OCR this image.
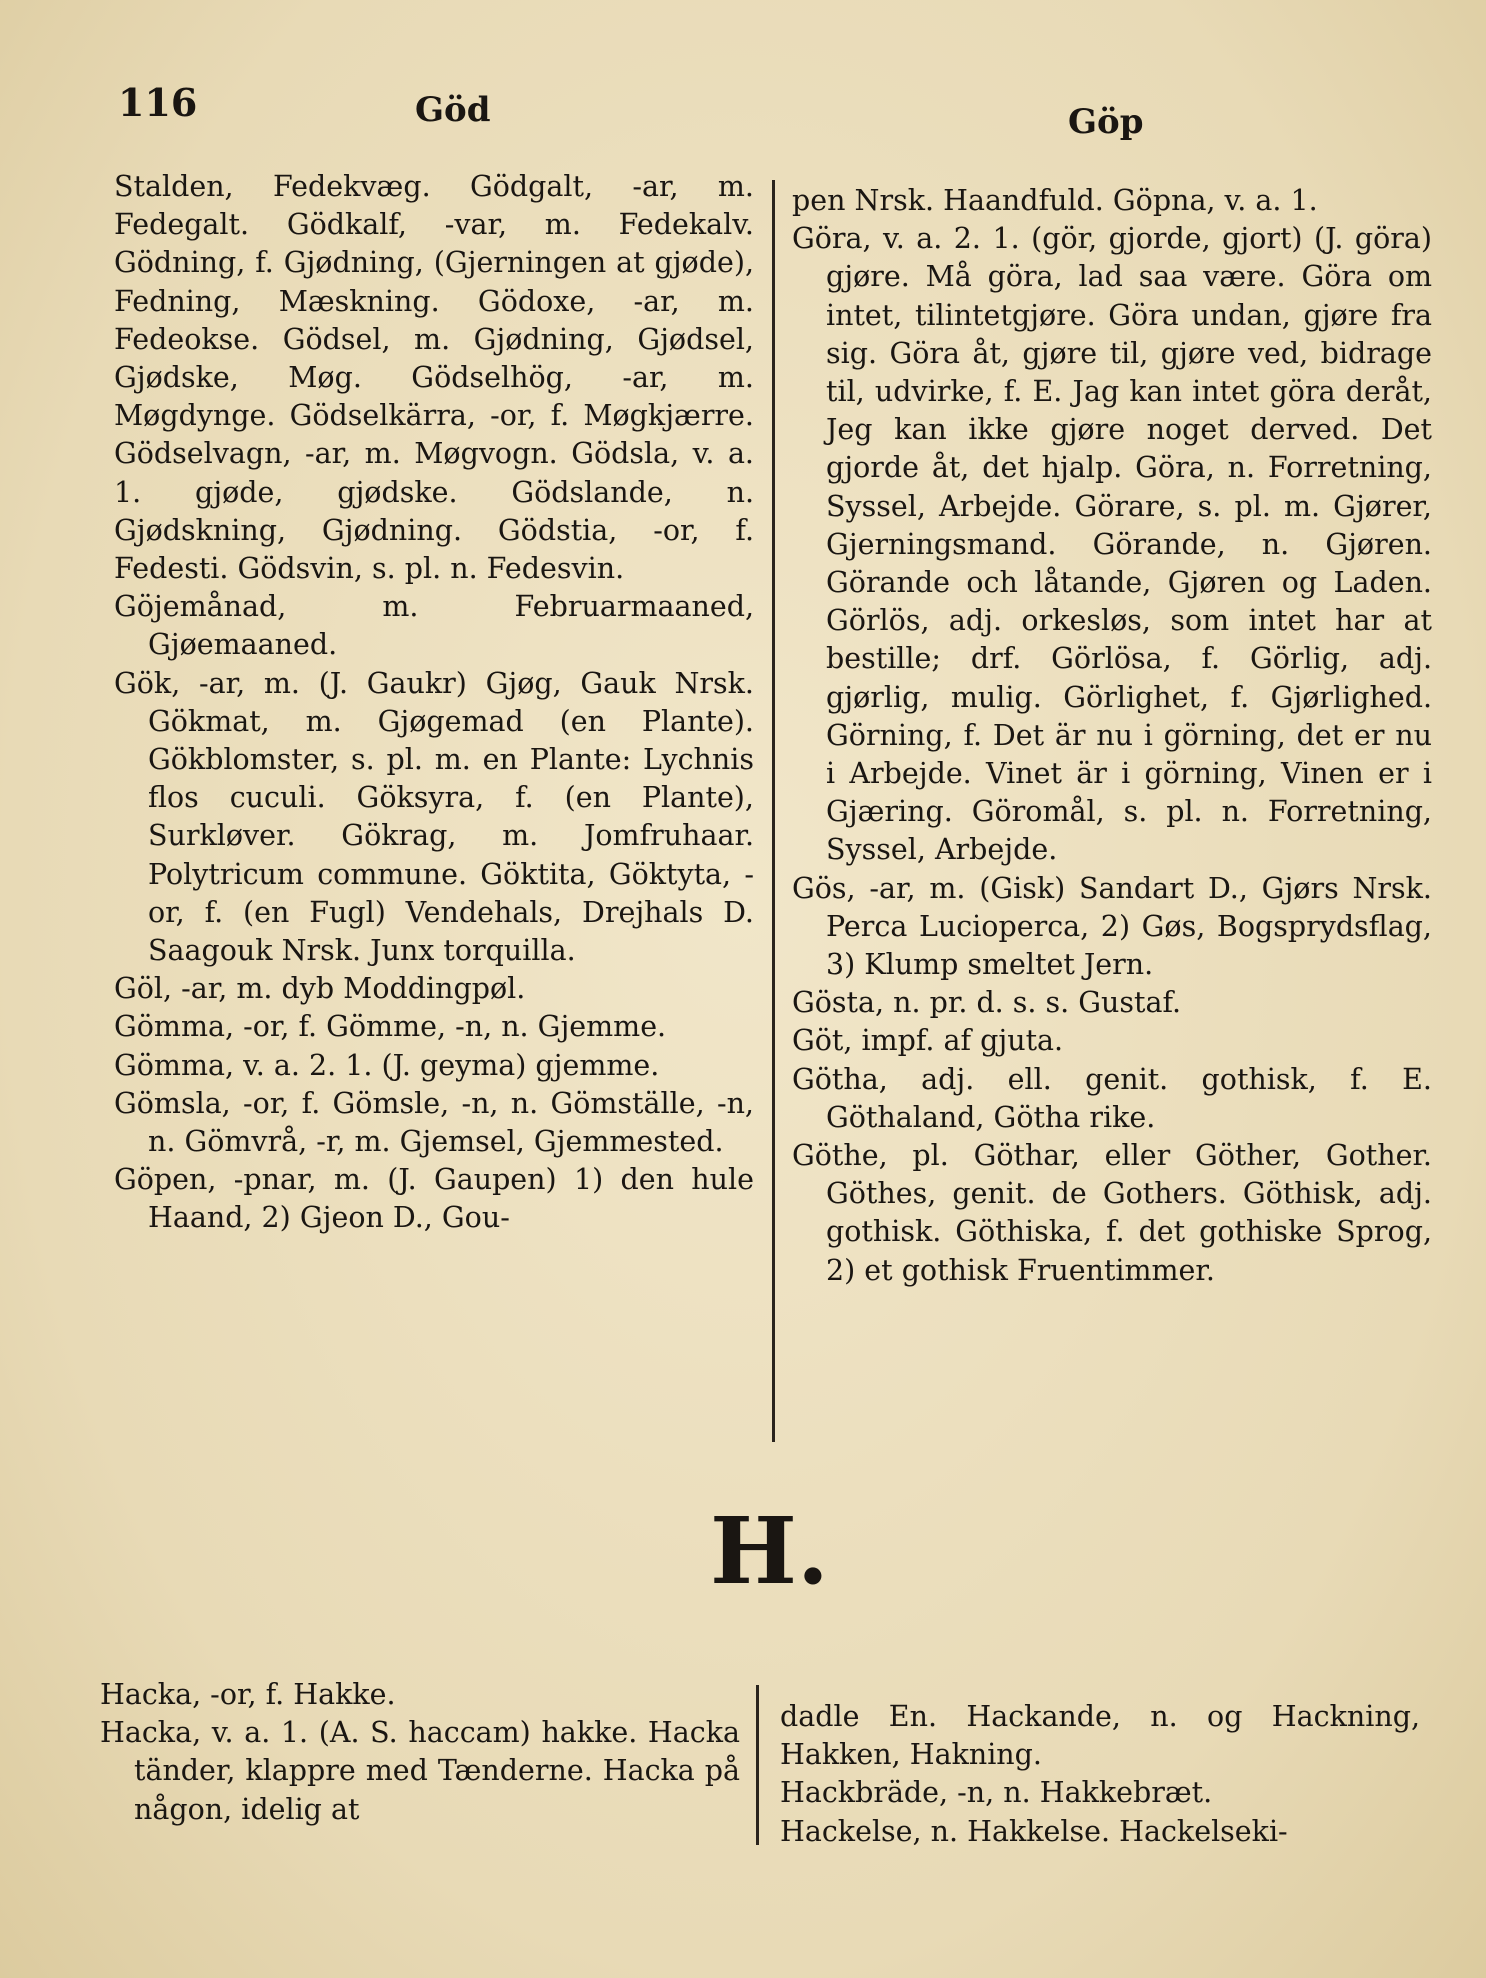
116	Göd	Göp

Stalden, Fedekvæg. Gödgalt, -ar, m. Fedegalt. Gödkalf, -var, m. Fedekalv. Gödning, f. Gjødning, (Gjerningen at gjøde), Fedning, Mæskning. Gödoxe, -ar, m. Fedeokse. Gödsel, m. Gjødning, Gjødsel, Gjødske, Møg. Gödselhög, -ar, m. Møgdynge. Gödselkärra, -or, f. Møgkjærre. Gödselvagn, -ar, m. Møgvogn. Gödsla, v. a. 1. gjøde, gjødske. Gödslande, n. Gjødskning, Gjødning. Gödstia, -or, f. Fedesti. Gödsvin, s. pl. n. Fedesvin.

Göjemånad, m. Februarmaaned, Gjøemaaned.

Gök, -ar, m. (J. Gaukr) Gjøg, Gauk Nrsk. Gökmat, m. Gjøgemad (en Plante). Gökblomster, s. pl. m. en Plante: Lychnis flos cuculi. Göksyra, f. (en Plante), Surkløver. Gökrag, m. Jomfruhaar. Polytricum commune. Göktita, Göktyta, -or, f. (en Fugl) Vendehals, Drejhals D. Saagouk Nrsk. Junx torquilla.

Göl, -ar, m. dyb Moddingpøl.

Gömma, -or, f. Gömme, -n, n. Gjemme.

Gömma, v. a. 2. 1. (J. geyma) gjemme.

Gömsla, -or, f. Gömsle, -n, n. Gömställe, -n, n. Gömvrå, -r, m. Gjemsel, Gjemmested.

Göpen, -pnar, m. (J. Gaupen) 1) den hule Haand, 2) Gjeon D., Gou-

pen Nrsk. Haandfuld. Göpna, v. a. 1.

Göra, v. a. 2. 1. (gör, gjorde, gjort) (J. göra) gjøre. Må göra, lad saa være. Göra om intet, tilintetgjøre. Göra undan, gjøre fra sig. Göra åt, gjøre til, gjøre ved, bidrage til, udvirke, f. E. Jag kan intet göra deråt, Jeg kan ikke gjøre noget derved. Det gjorde åt, det hjalp. Göra, n. Forretning, Syssel, Arbejde. Görare, s. pl. m. Gjører, Gjerningsmand. Görande, n. Gjøren. Görande och låtande, Gjøren og Laden. Görlös, adj. orkesløs, som intet har at bestille; drf. Görlösa, f. Görlig, adj. gjørlig, mulig. Görlighet, f. Gjørlighed. Görning, f. Det är nu i görning, det er nu i Arbejde. Vinet är i görning, Vinen er i Gjæring. Göromål, s. pl. n. Forretning, Syssel, Arbejde.

Gös, -ar, m. (Gisk) Sandart D., Gjørs Nrsk. Perca Lucioperca, 2) Gøs, Bogsprydsflag, 3) Klump smeltet Jern.

Gösta, n. pr. d. s. s. Gustaf.

Göt, impf. af gjuta.

Götha, adj. ell. genit. gothisk, f. E. Göthaland, Götha rike.

Göthe, pl. Göthar, eller Göther, Gother. Göthes, genit. de Gothers. Göthisk, adj. gothisk. Göthiska, f. det gothiske Sprog, 2) et gothisk Fruentimmer.

H.

Hacka, -or, f. Hakke.

Hacka, v. a. 1. (A. S. haccam) hakke. Hacka tänder, klappre med Tænderne. Hacka på någon, idelig at

dadle En. Hackande, n. og Hackning, Hakken, Hakning.

Hackbräde, -n, n. Hakkebræt.

Hackelse, n. Hakkelse. Hackelseki-
